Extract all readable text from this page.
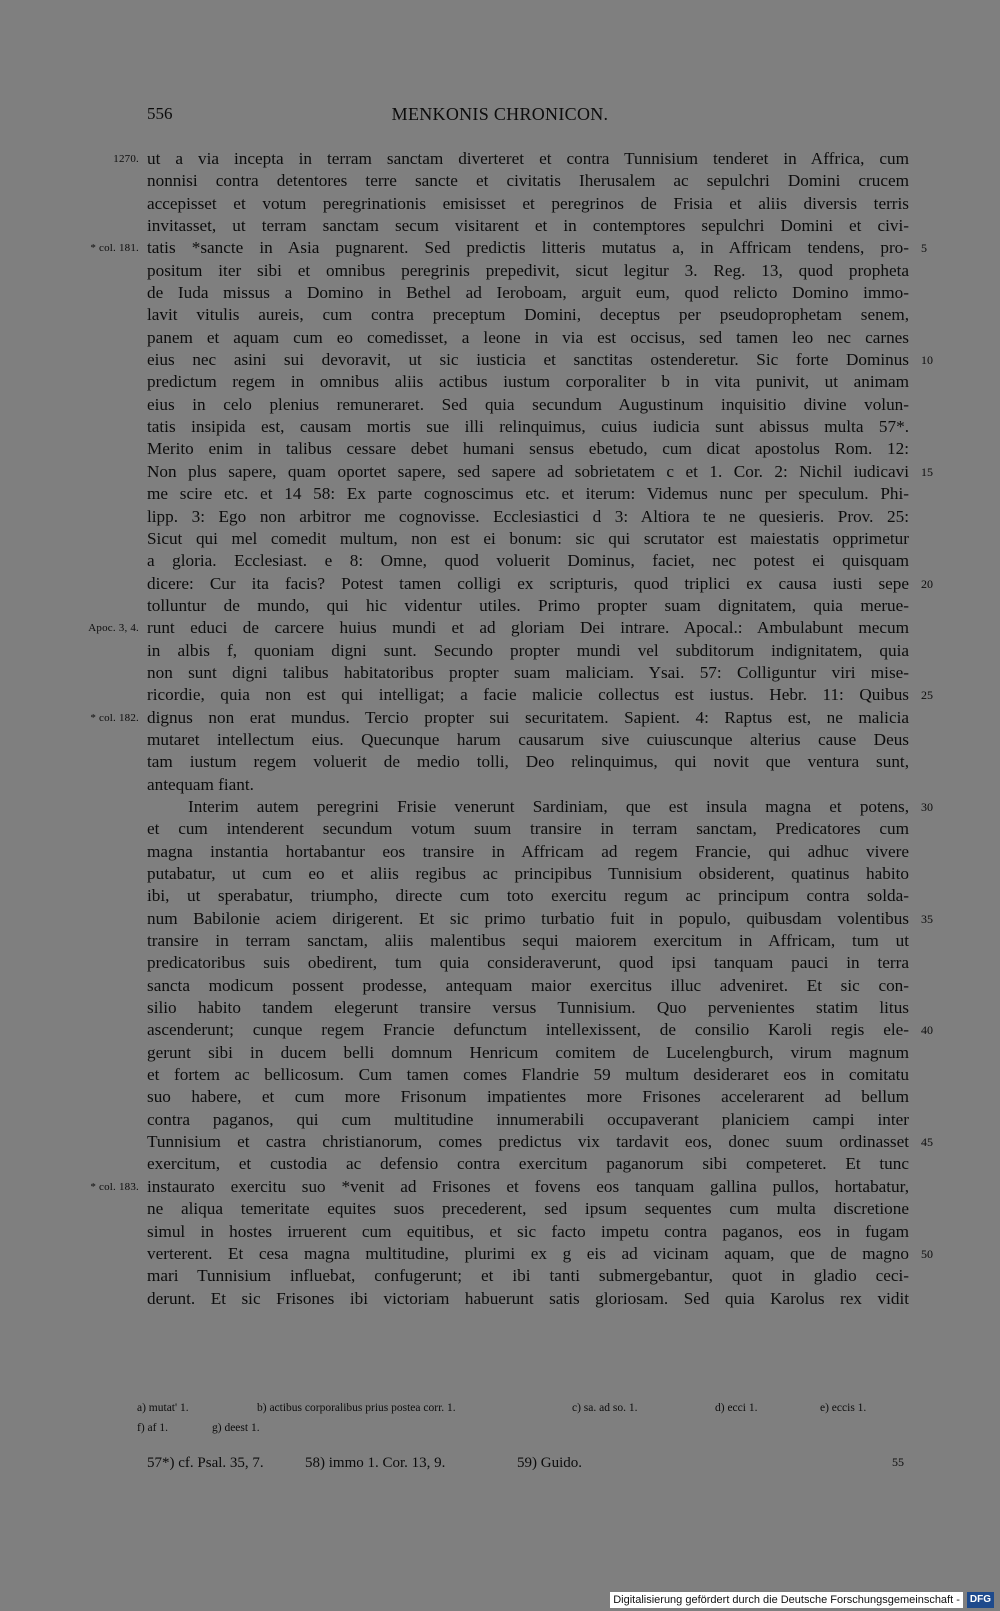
556	MENKONIS CHRONICON.
ut a via incepta in terram sanctam diverteret et contra Tunnisium tenderet in Affrica, cum
1270.
nonnisi contra detentores terre sancte et civitatis Iherusalem ac sepulchri Domini crucem
accepisset et votum peregrinationis emisisset et peregrinos de Frisia et aliis diversis terris
invitasset, ut terram sanctam secum visitarent et in contemptores sepulchri Domini et civi-
tatis *sancte in Asia pugnarent. Sed predictis litteris mutatus a, in Affricam tendens, pro-
* col. 181.	5
positum iter sibi et omnibus peregrinis prepedivit, sicut legitur 3. Reg. 13, quod propheta
de Iuda missus a Domino in Bethel ad Ieroboam, arguit eum, quod relicto Domino immo-
lavit vitulis aureis, cum contra preceptum Domini, deceptus per pseudoprophetam senem,
panem et aquam cum eo comedisset, a leone in via est occisus, sed tamen leo nec carnes
eius nec asini sui devoravit, ut sic iusticia et sanctitas ostenderetur. Sic forte Dominus 10
predictum regem in omnibus aliis actibus iustum corporaliter b in vita punivit, ut animam
eius in celo plenius remuneraret. Sed quia secundum Augustinum inquisitio divine volun-
tatis insipida est, causam mortis sue illi relinquimus, cuius iudicia sunt abissus multa 57*.
Merito enim in talibus cessare debet humani sensus ebetudo, cum dicat apostolus Rom. 12:
Non plus sapere, quam oportet sapere, sed sapere ad sobrietatem c et 1. Cor. 2: Nichil iudicavi 15
me scire etc. et 14 58: Ex parte cognoscimus etc. et iterum: Videmus nunc per speculum. Phi-
lipp. 3: Ego non arbitror me cognovisse. Ecclesiastici d 3: Altiora te ne quesieris. Prov. 25:
Sicut qui mel comedit multum, non est ei bonum: sic qui scrutator est maiestatis opprimetur
a gloria. Ecclesiast. e 8: Omne, quod voluerit Dominus, faciet, nec potest ei quisquam
dicere: Cur ita facis? Potest tamen colligi ex scripturis, quod triplici ex causa iusti sepe 20
tolluntur de mundo, qui hic videntur utiles. Primo propter suam dignitatem, quia merue-
runt educi de carcere huius mundi et ad gloriam Dei intrare. Apocal.: Ambulabunt mecum
Apoc. 3, 4.
in albis f, quoniam digni sunt. Secundo propter mundi vel subditorum indignitatem, quia
non sunt digni talibus habitatoribus propter suam maliciam. Ysai. 57: Colliguntur viri mise-
ricordie, quia non est qui intelligat; a facie malicie collectus est iustus. Hebr. 11: Quibus 25
dignus non erat mundus. Tercio propter sui securitatem. Sapient. 4: Raptus est, ne malicia
* col. 182.
mutaret intellectum eius. Quecunque harum causarum sive cuiuscunque alterius cause Deus
tam iustum regem voluerit de medio tolli, Deo relinquimus, qui novit que ventura sunt,
antequam fiant.
Interim autem peregrini Frisie venerunt Sardiniam, que est insula magna et potens, 30
et cum intenderent secundum votum suum transire in terram sanctam, Predicatores cum
magna instantia hortabantur eos transire in Affricam ad regem Francie, qui adhuc vivere
putabatur, ut cum eo et aliis regibus ac principibus Tunnisium obsiderent, quatinus habito
ibi, ut sperabatur, triumpho, directe cum toto exercitu regum ac principum contra solda-
num Babilonie aciem dirigerent. Et sic primo turbatio fuit in populo, quibusdam volentibus 35
transire in terram sanctam, aliis malentibus sequi maiorem exercitum in Affricam, tum ut
predicatoribus suis obedirent, tum quia consideraverunt, quod ipsi tanquam pauci in terra
sancta modicum possent prodesse, antequam maior exercitus illuc adveniret. Et sic con-
silio habito tandem elegerunt transire versus Tunnisium. Quo pervenientes statim litus
ascenderunt; cunque regem Francie defunctum intellexissent, de consilio Karoli regis ele- 40
gerunt sibi in ducem belli domnum Henricum comitem de Lucelengburch, virum magnum
et fortem ac bellicosum. Cum tamen comes Flandrie 59 multum desideraret eos in comitatu
suo habere, et cum more Frisonum impatientes more Frisones accelerarent ad bellum
contra paganos, qui cum multitudine innumerabili occupaverant planiciem campi inter
Tunnisium et castra christianorum, comes predictus vix tardavit eos, donec suum ordinasset 45
exercitum, et custodia ac defensio contra exercitum paganorum sibi competeret. Et tunc
instaurato exercitu suo *venit ad Frisones et fovens eos tanquam gallina pullos, hortabatur,
* col. 183.
ne aliqua temeritate equites suos precederent, sed ipsum sequentes cum multa discretione
simul in hostes irruerent cum equitibus, et sic facto impetu contra paganos, eos in fugam
verterent. Et cesa magna multitudine, plurimi ex g eis ad vicinam aquam, que de magno 50
mari Tunnisium influebat, confugerunt; et ibi tanti submergebantur, quot in gladio ceci-
derunt. Et sic Frisones ibi victoriam habuerunt satis gloriosam. Sed quia Karolus rex vidit
a) mutat' 1.	b) actibus corporalibus prius postea corr. 1.	c) sa. ad so. 1.	d) ecci 1.	e) eccis 1.
f) af 1.	g) deest 1.
57*) cf. Psal. 35, 7.	58) immo 1. Cor. 13, 9.	59) Guido.	55
Digitalisierung gefördert durch die Deutsche Forschungsgemeinschaft -	DFG
